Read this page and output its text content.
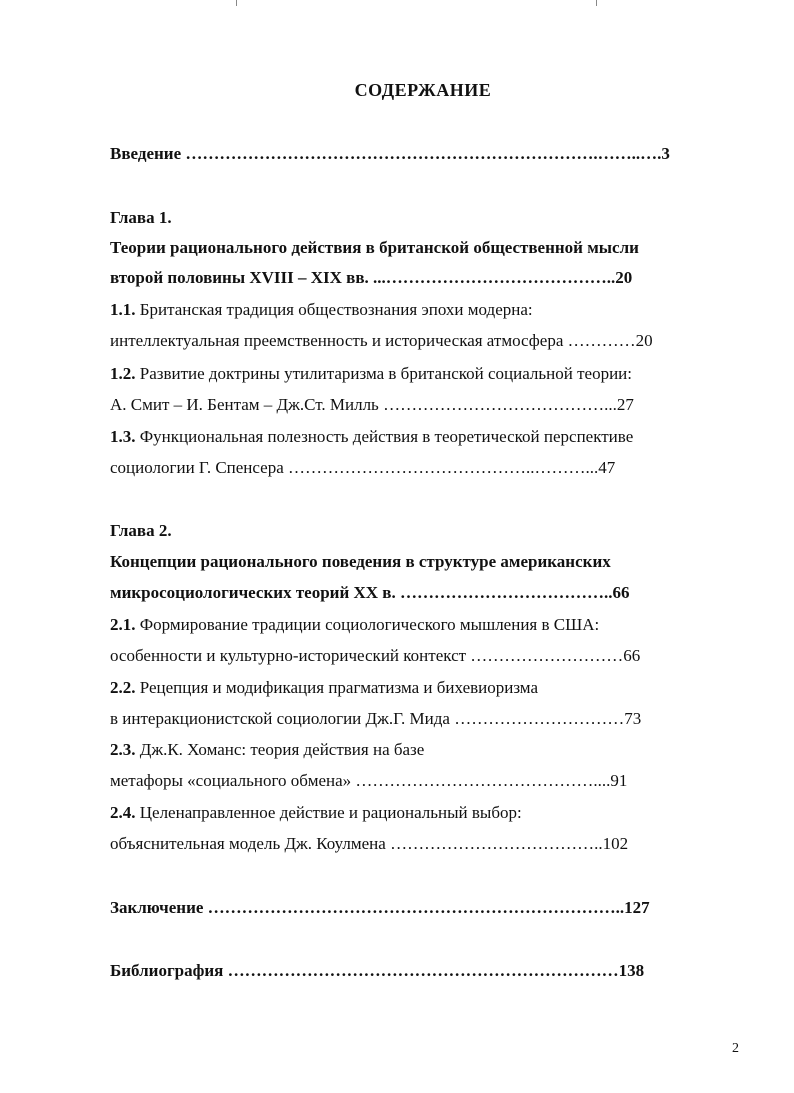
СОДЕРЖАНИЕ
Введение ……………………………………………………………….……..….3
Глава 1.
Теории рационального действия в британской общественной мысли
второй половины XVIII – XIX вв. ...…………………………………..20
1.1. Британская традиция обществознания эпохи модерна:
интеллектуальная преемственность и историческая атмосфера …………20
1.2. Развитие доктрины утилитаризма в британской социальной теории:
А. Смит – И. Бентам – Дж.Ст. Милль …………………………………...27
1.3. Функциональная полезность действия в теоретической перспективе
социологии Г. Спенсера ……………………………………..………...47
Глава 2.
Концепции рационального поведения в структуре американских
микросоциологических теорий XX в. ………………………………..66
2.1. Формирование традиции социологического мышления в США:
особенности и культурно-исторический контекст ………………………66
2.2. Рецепция и модификация прагматизма и бихевиоризма
в интеракционистской социологии Дж.Г. Мида …………………………73
2.3. Дж.К. Хоманс: теория действия на базе
метафоры «социального обмена» ……………………………………....91
2.4. Целенаправленное действие и рациональный выбор:
объяснительная модель Дж. Коулмена ………………………………..102
Заключение ………………………………………………………………..127
Библиография ……………………………………………………………138
2
